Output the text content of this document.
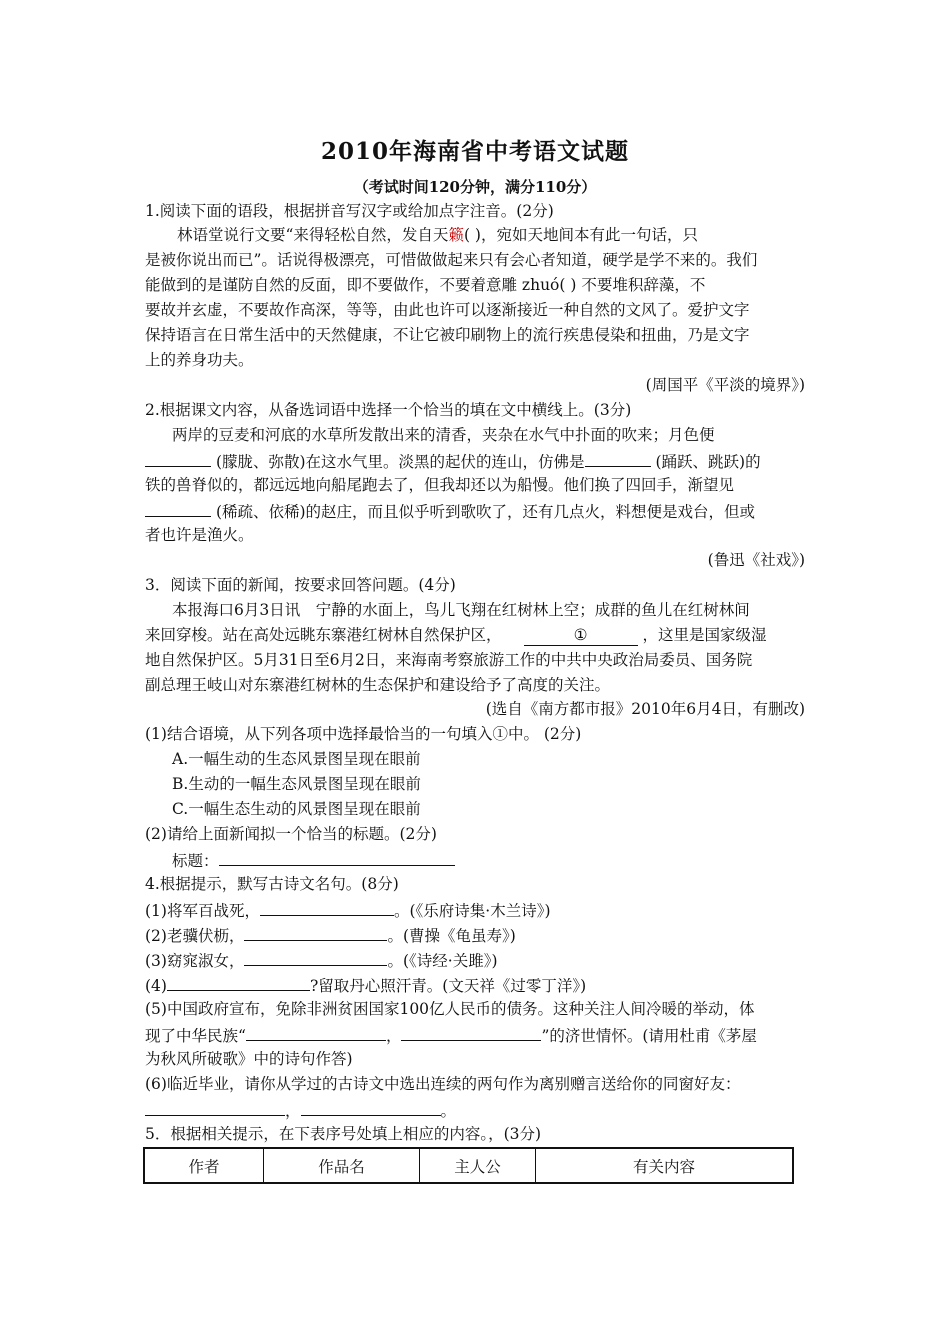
2010年海南省中考语文试题
（考试时间120分钟，满分110分）
1.阅读下面的语段，根据拼音写汉字或给加点字注音。(2分)
林语堂说行文要“来得轻松自然，发自天籁( )，宛如天地间本有此一句话，只
是被你说出而已”。话说得极漂亮，可惜做做起来只有会心者知道，硬学是学不来的。我们
能做到的是谨防自然的反面，即不要做作，不要着意雕 zhuó( ) 不要堆积辞藻，不
要故并玄虚，不要故作高深，等等，由此也许可以逐渐接近一种自然的文风了。爱护文字
保持语言在日常生活中的天然健康，不让它被印刷物上的流行疾患侵染和扭曲，乃是文字
上的养身功夫。
(周国平《平淡的境界》)
2.根据课文内容，从备选词语中选择一个恰当的填在文中横线上。(3分)
两岸的豆麦和河底的水草所发散出来的清香，夹杂在水气中扑面的吹来；月色便
(朦胧、弥散)在这水气里。淡黑的起伏的连山，仿佛是	(踊跃、跳跃)的
铁的兽脊似的，都远远地向船尾跑去了，但我却还以为船慢。他们换了四回手，渐望见
(稀疏、依稀)的赵庄，而且似乎听到歌吹了，还有几点火，料想便是戏台，但或
者也许是渔火。
(鲁迅《社戏》)
3．阅读下面的新闻，按要求回答问题。(4分)
本报海口6月3日讯　宁静的水面上，鸟儿飞翔在红树林上空；成群的鱼儿在红树林间
来回穿梭。站在高处远眺东寨港红树林自然保护区，	①	，这里是国家级湿
地自然保护区。5月31日至6月2日，来海南考察旅游工作的中共中央政治局委员、国务院
副总理王岐山对东寨港红树林的生态保护和建设给予了高度的关注。
(选自《南方都市报》2010年6月4日，有删改)
(1)结合语境，从下列各项中选择最恰当的一句填入①中。 (2分)
A.一幅生动的生态风景图呈现在眼前
B.生动的一幅生态风景图呈现在眼前
C.一幅生态生动的风景图呈现在眼前
(2)请给上面新闻拟一个恰当的标题。(2分)
标题：
4.根据提示，默写古诗文名句。(8分)
(1)将军百战死，	。(《乐府诗集·木兰诗》)
(2)老骥伏枥，	。(曹操《龟虽寿》)
(3)窈窕淑女，	。(《诗经·关雎》)
(4)	?留取丹心照汗青。(文天祥《过零丁洋》)
(5)中国政府宣布，免除非洲贫困国家100亿人民币的债务。这种关注人间冷暖的举动，体
现了中华民族“	，	”的济世情怀。(请用杜甫《茅屋
为秋风所破歌》中的诗句作答)
(6)临近毕业，请你从学过的古诗文中选出连续的两句作为离别赠言送给你的同窗好友：
，	。
5．根据相关提示，在下表序号处填上相应的内容。，(3分)
作者	作品名	主人公	有关内容
